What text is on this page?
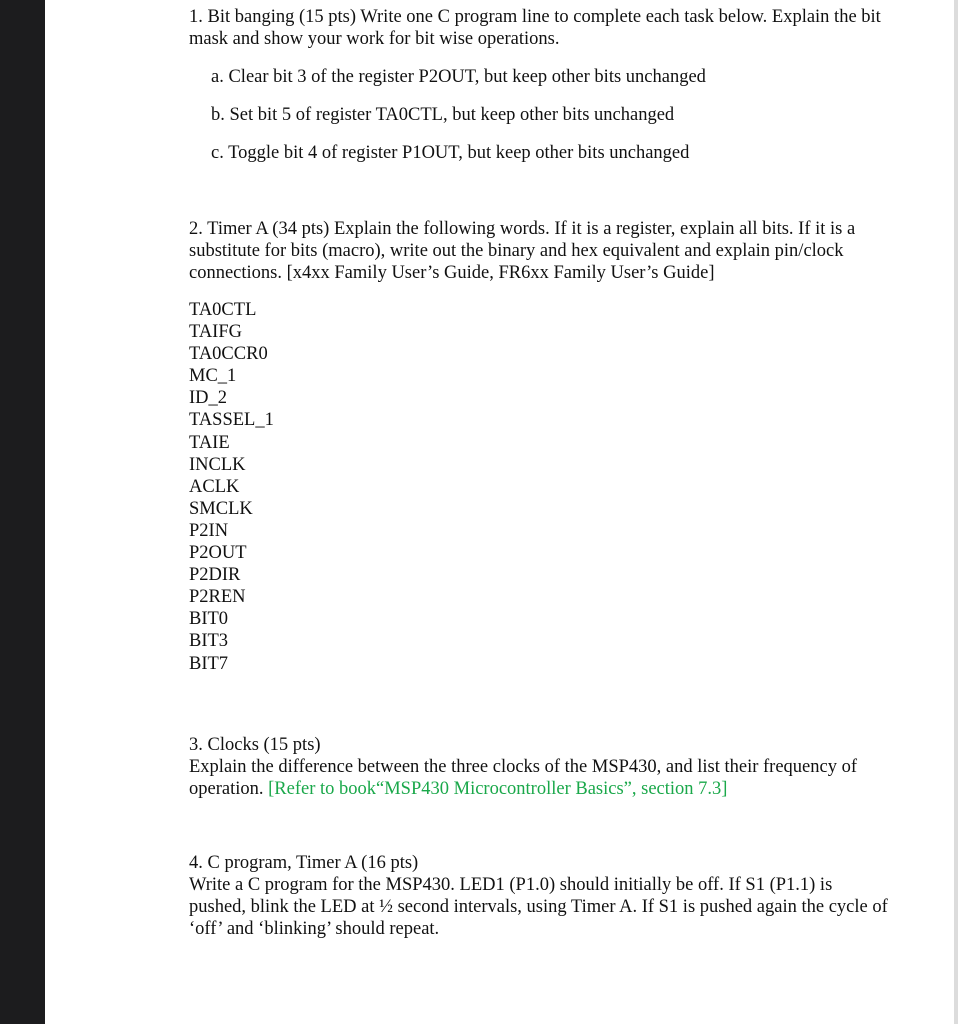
1. Bit banging (15 pts) Write one C program line to complete each task below. Explain the bit mask and show your work for bit wise operations.

a. Clear bit 3 of the register P2OUT, but keep other bits unchanged

b. Set bit 5 of register TA0CTL, but keep other bits unchanged

c. Toggle bit 4 of register P1OUT, but keep other bits unchanged

2. Timer A (34 pts) Explain the following words. If it is a register, explain all bits. If it is a substitute for bits (macro), write out the binary and hex equivalent and explain pin/clock connections. [x4xx Family User’s Guide, FR6xx Family User’s Guide]

TA0CTL
TAIFG
TA0CCR0
MC_1
ID_2
TASSEL_1
TAIE
INCLK
ACLK
SMCLK
P2IN
P2OUT
P2DIR
P2REN
BIT0
BIT3
BIT7

3. Clocks (15 pts)

Explain the difference between the three clocks of the MSP430, and list their frequency of operation. [Refer to book“MSP430 Microcontroller Basics”, section 7.3]

4. C program, Timer A (16 pts)

Write a C program for the MSP430. LED1 (P1.0) should initially be off. If S1 (P1.1) is pushed, blink the LED at ½ second intervals, using Timer A. If S1 is pushed again the cycle of ‘off’ and ‘blinking’ should repeat.
